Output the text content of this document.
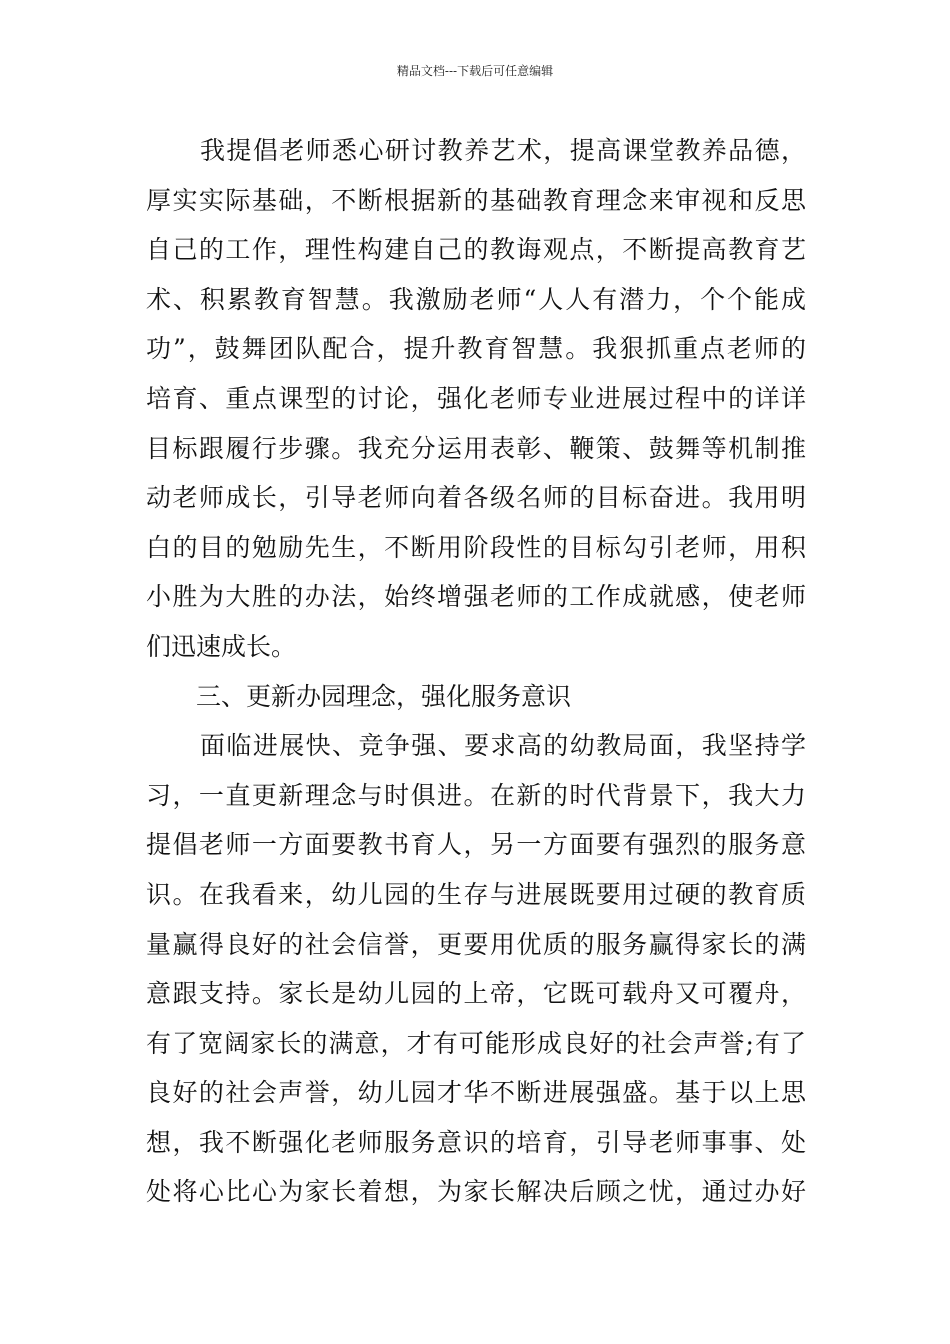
精品文档---下载后可任意编辑
我提倡老师悉心研讨教养艺术，提高课堂教养品德，
厚实实际基础，不断根据新的基础教育理念来审视和反思
自己的工作，理性构建自己的教诲观点，不断提高教育艺
术、积累教育智慧。我激励老师“人人有潜力，个个能成
功”，鼓舞团队配合，提升教育智慧。我狠抓重点老师的
培育、重点课型的讨论，强化老师专业进展过程中的详详
目标跟履行步骤。我充分运用表彰、鞭策、鼓舞等机制推
动老师成长，引导老师向着各级名师的目标奋进。我用明
白的目的勉励先生，不断用阶段性的目标勾引老师，用积
小胜为大胜的办法，始终增强老师的工作成就感，使老师
们迅速成长。
三、更新办园理念，强化服务意识
面临进展快、竞争强、要求高的幼教局面，我坚持学
习，一直更新理念与时俱进。在新的时代背景下，我大力
提倡老师一方面要教书育人，另一方面要有强烈的服务意
识。在我看来，幼儿园的生存与进展既要用过硬的教育质
量赢得良好的社会信誉，更要用优质的服务赢得家长的满
意跟支持。家长是幼儿园的上帝，它既可载舟又可覆舟，
有了宽阔家长的满意，才有可能形成良好的社会声誉;有了
良好的社会声誉，幼儿园才华不断进展强盛。基于以上思
想，我不断强化老师服务意识的培育，引导老师事事、处
处将心比心为家长着想，为家长解决后顾之忧，通过办好
